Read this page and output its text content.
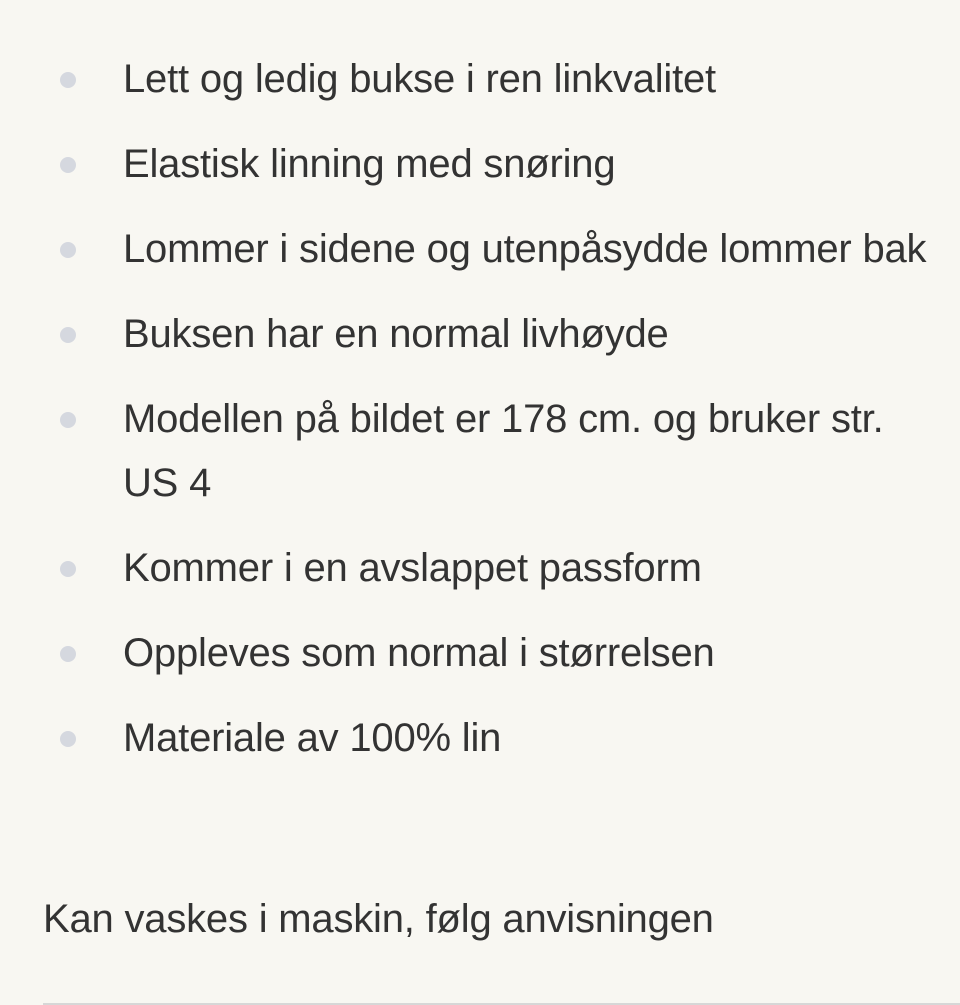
Lett og ledig bukse i ren linkvalitet
Elastisk linning med snøring
Lommer i sidene og utenpåsydde lommer bak
Buksen har en normal livhøyde
Modellen på bildet er 178 cm. og bruker str. US 4
Kommer i en avslappet passform
Oppleves som normal i størrelsen
Materiale av 100% lin

Kan vaskes i maskin, følg anvisningen
